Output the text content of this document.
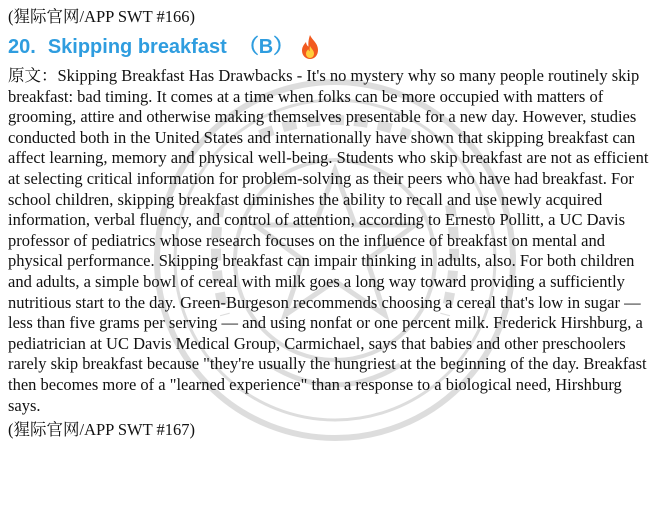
(猩际官网/APP SWT #166)
20. Skipping breakfast （B）
原文：Skipping Breakfast Has Drawbacks - It's no mystery why so many people routinely skip breakfast: bad timing. It comes at a time when folks can be more occupied with matters of grooming, attire and otherwise making themselves presentable for a new day. However, studies conducted both in the United States and internationally have shown that skipping breakfast can affect learning, memory and physical well-being. Students who skip breakfast are not as efficient at selecting critical information for problem-solving as their peers who have had breakfast. For school children, skipping breakfast diminishes the ability to recall and use newly acquired information, verbal fluency, and control of attention, according to Ernesto Pollitt, a UC Davis professor of pediatrics whose research focuses on the influence of breakfast on mental and physical performance. Skipping breakfast can impair thinking in adults, also. For both children and adults, a simple bowl of cereal with milk goes a long way toward providing a sufficiently nutritious start to the day. Green-Burgeson recommends choosing a cereal that's low in sugar — less than five grams per serving — and using nonfat or one percent milk. Frederick Hirshburg, a pediatrician at UC Davis Medical Group, Carmichael, says that babies and other preschoolers rarely skip breakfast because "they're usually the hungriest at the beginning of the day. Breakfast then becomes more of a "learned experience" than a response to a biological need, Hirshburg says.
(猩际官网/APP SWT #167)
